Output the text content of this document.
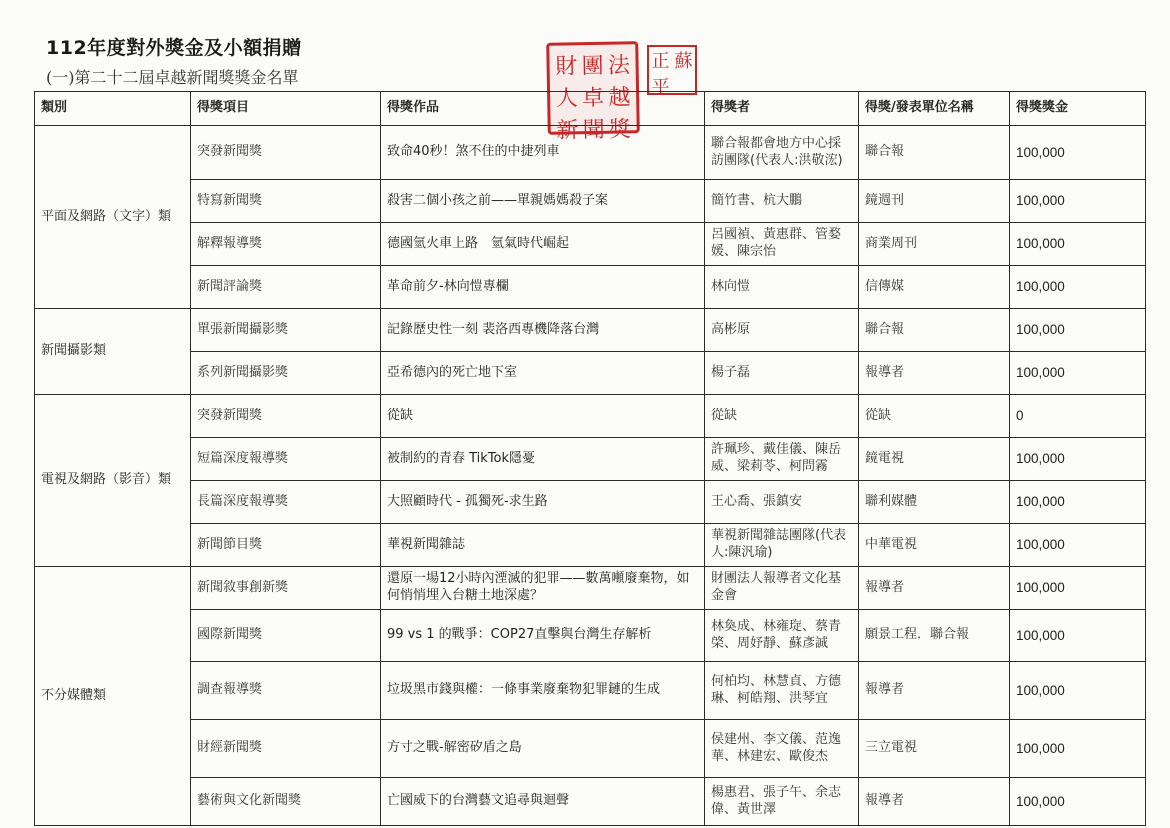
112年度對外獎金及小額捐贈
(一)第二十二屆卓越新聞獎獎金名單	財 團 法
人 卓 越
新 聞 獎
正 蘇
平
類別	得獎項目	得獎作品	得獎者	得獎/發表單位名稱	得獎獎金
平面及網路（文字）類	突發新聞獎	致命40秒！煞不住的中捷列車	聯合報都會地方中心採訪團隊(代表人:洪敬浤)	聯合報	100,000
	特寫新聞獎	殺害二個小孩之前——單親媽媽殺子案	簡竹書、杭大鵬	鏡週刊	100,000
	解釋報導獎	德國氫火車上路　氫氣時代崛起	呂國禎、黃惠群、管婺媛、陳宗怡	商業周刊	100,000
	新聞評論獎	革命前夕-林向愷專欄	林向愷	信傳媒	100,000
新聞攝影類	單張新聞攝影獎	記錄歷史性一刻 裴洛西專機降落台灣	高彬原	聯合報	100,000
	系列新聞攝影獎	亞希德內的死亡地下室	楊子磊	報導者	100,000
電視及網路（影音）類	突發新聞獎	從缺	從缺	從缺	0
	短篇深度報導獎	被制約的青春 TikTok隱憂	許珮珍、戴佳儀、陳岳威、梁莉苓、柯問霧	鏡電視	100,000
	長篇深度報導獎	大照顧時代 - 孤獨死-求生路	王心喬、張鎮安	聯利媒體	100,000
	新聞節目獎	華視新聞雜誌	華視新聞雜誌團隊(代表人:陳汎瑜)	中華電視	100,000
不分媒體類	新聞敘事創新獎	還原一場12小時內湮滅的犯罪——數萬噸廢棄物，如何悄悄埋入台糖土地深處？	財團法人報導者文化基金會	報導者	100,000
	國際新聞獎	99 vs 1 的戰爭：COP27直擊與台灣生存解析	林奐成、林雍琁、蔡青棨、周妤靜、蘇彥誠	願景工程．聯合報	100,000
	調查報導獎	垃圾黑市錢與權：一條事業廢棄物犯罪鏈的生成	何柏均、林慧貞、方德琳、柯皓翔、洪琴宜	報導者	100,000
	財經新聞獎	方寸之戰-解密矽盾之島	侯建州、李文儀、范逸華、林建宏、歐俊杰	三立電視	100,000
	藝術與文化新聞獎	亡國威下的台灣藝文追尋與迴聲	楊惠君、張子午、余志偉、黃世澤	報導者	100,000
